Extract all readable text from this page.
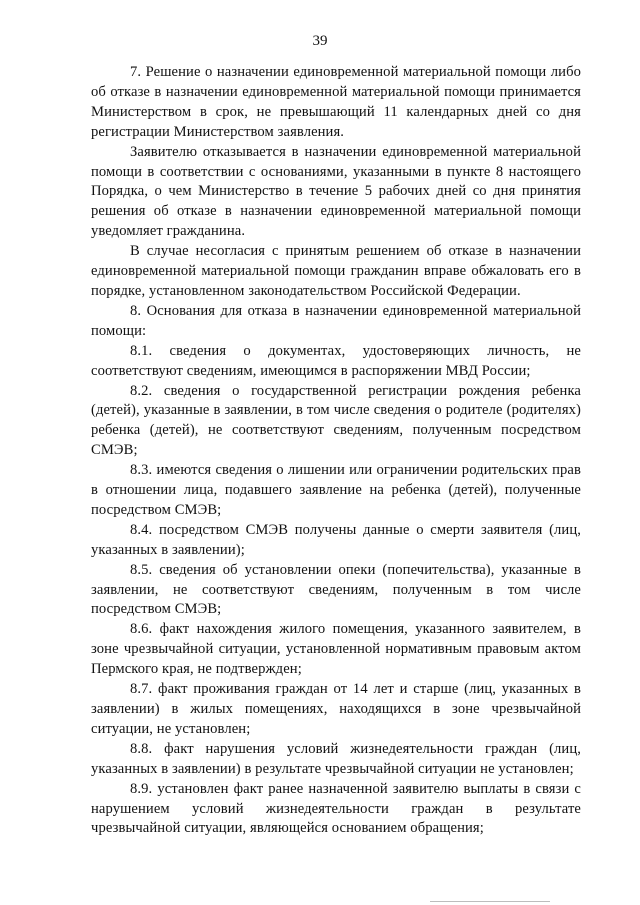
39

7. Решение о назначении единовременной материальной помощи либо об отказе в назначении единовременной материальной помощи принимается Министерством в срок, не превышающий 11 календарных дней со дня регистрации Министерством заявления.

Заявителю отказывается в назначении единовременной материальной помощи в соответствии с основаниями, указанными в пункте 8 настоящего Порядка, о чем Министерство в течение 5 рабочих дней со дня принятия решения об отказе в назначении единовременной материальной помощи уведомляет гражданина.

В случае несогласия с принятым решением об отказе в назначении единовременной материальной помощи гражданин вправе обжаловать его в порядке, установленном законодательством Российской Федерации.

8. Основания для отказа в назначении единовременной материальной помощи:

8.1. сведения о документах, удостоверяющих личность, не соответствуют сведениям, имеющимся в распоряжении МВД России;

8.2. сведения о государственной регистрации рождения ребенка (детей), указанные в заявлении, в том числе сведения о родителе (родителях) ребенка (детей), не соответствуют сведениям, полученным посредством СМЭВ;

8.3. имеются сведения о лишении или ограничении родительских прав в отношении лица, подавшего заявление на ребенка (детей), полученные посредством СМЭВ;

8.4. посредством СМЭВ получены данные о смерти заявителя (лиц, указанных в заявлении);

8.5. сведения об установлении опеки (попечительства), указанные в заявлении, не соответствуют сведениям, полученным в том числе посредством СМЭВ;

8.6. факт нахождения жилого помещения, указанного заявителем, в зоне чрезвычайной ситуации, установленной нормативным правовым актом Пермского края, не подтвержден;

8.7. факт проживания граждан от 14 лет и старше (лиц, указанных в заявлении) в жилых помещениях, находящихся в зоне чрезвычайной ситуации, не установлен;

8.8. факт нарушения условий жизнедеятельности граждан (лиц, указанных в заявлении) в результате чрезвычайной ситуации не установлен;

8.9. установлен факт ранее назначенной заявителю выплаты в связи с нарушением условий жизнедеятельности граждан в результате чрезвычайной ситуации, являющейся основанием обращения;
